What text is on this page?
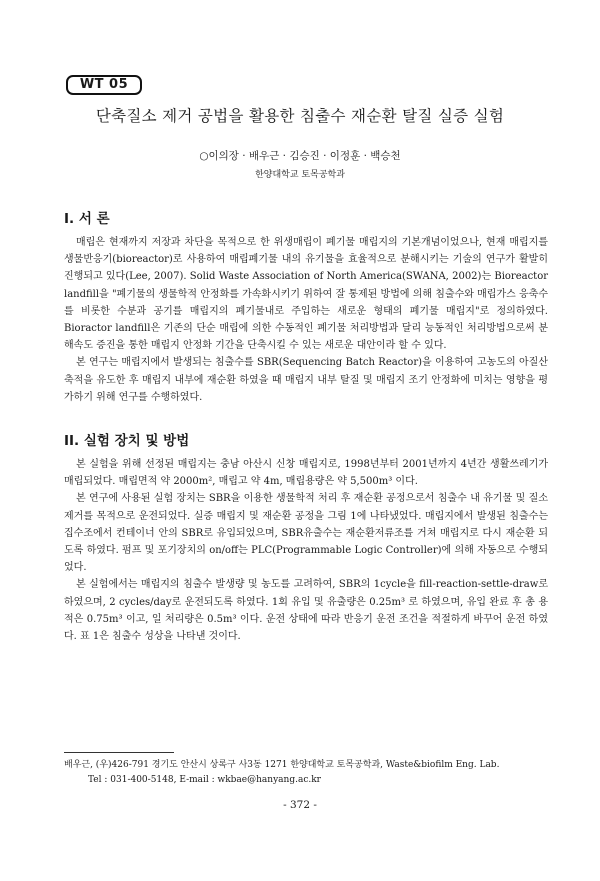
WT 05
단축질소 제거 공법을 활용한 침출수 재순환 탈질 실증 실험
○이의장 · 배우근 · 김승진 · 이정훈 · 백승천
한양대학교 토목공학과
I. 서 론

매립은 현재까지 저장과 차단을 목적으로 한 위생매립이 폐기물 매립지의 기본개념이었으나, 현재 매립지를 생물반응기(bioreactor)로 사용하여 매립폐기물 내의 유기물을 효율적으로 분해시키는 기술의 연구가 활발히 진행되고 있다(Lee, 2007). Solid Waste Association of North America(SWANA, 2002)는 Bioreactor landfill을 "폐기물의 생물학적 안정화를 가속화시키기 위하여 잘 통제된 방법에 의해 침출수와 매립가스 응축수를 비롯한 수분과 공기를 매립지의 폐기물내로 주입하는 새로운 형태의 폐기물 매립지"로 정의하였다. Bioractor landfill은 기존의 단순 매립에 의한 수동적인 폐기물 처리방법과 달리 능동적인 처리방법으로써 분해속도 증진을 통한 매립지 안정화 기간을 단축시킬 수 있는 새로운 대안이라 할 수 있다.
본 연구는 매립지에서 발생되는 침출수를 SBR(Sequencing Batch Reactor)을 이용하여 고농도의 아질산 축적을 유도한 후 매립지 내부에 재순환 하였을 때 매립지 내부 탈질 및 매립지 조기 안정화에 미치는 영향을 평가하기 위해 연구를 수행하였다.

II. 실험 장치 및 방법

본 실험을 위해 선정된 매립지는 충남 아산시 신창 매립지로, 1998년부터 2001년까지 4년간 생활쓰레기가 매립되었다. 매립면적 약 2000m², 매립고 약 4m, 매립용량은 약 5,500m³ 이다.
본 연구에 사용된 실험 장치는 SBR을 이용한 생물학적 처리 후 재순환 공정으로서 침출수 내 유기물 및 질소제거를 목적으로 운전되었다. 실증 매립지 및 재순환 공정을 그림 1에 나타냈었다. 매립지에서 발생된 침출수는 집수조에서 컨테이너 안의 SBR로 유입되었으며, SBR유출수는 재순환저류조를 거쳐 매립지로 다시 재순환 되도록 하였다. 펌프 및 포기장치의 on/off는 PLC(Programmable Logic Controller)에 의해 자동으로 수행되었다.
본 실험에서는 매립지의 침출수 발생량 및 농도를 고려하여, SBR의 1cycle을 fill-reaction-settle-draw로 하였으며, 2 cycles/day로 운전되도록 하였다. 1회 유입 및 유출량은 0.25m³ 로 하였으며, 유입 완료 후 총 용적은 0.75m³ 이고, 일 처리량은 0.5m³ 이다. 운전 상태에 따라 반응기 운전 조건을 적절하게 바꾸어 운전 하였다. 표 1은 침출수 성상을 나타낸 것이다.

배우근, (우)426-791 경기도 안산시 상록구 사3동 1271 한양대학교 토목공학과, Waste&biofilm Eng. Lab.
Tel : 031-400-5148, E-mail : wkbae@hanyang.ac.kr
- 372 -
